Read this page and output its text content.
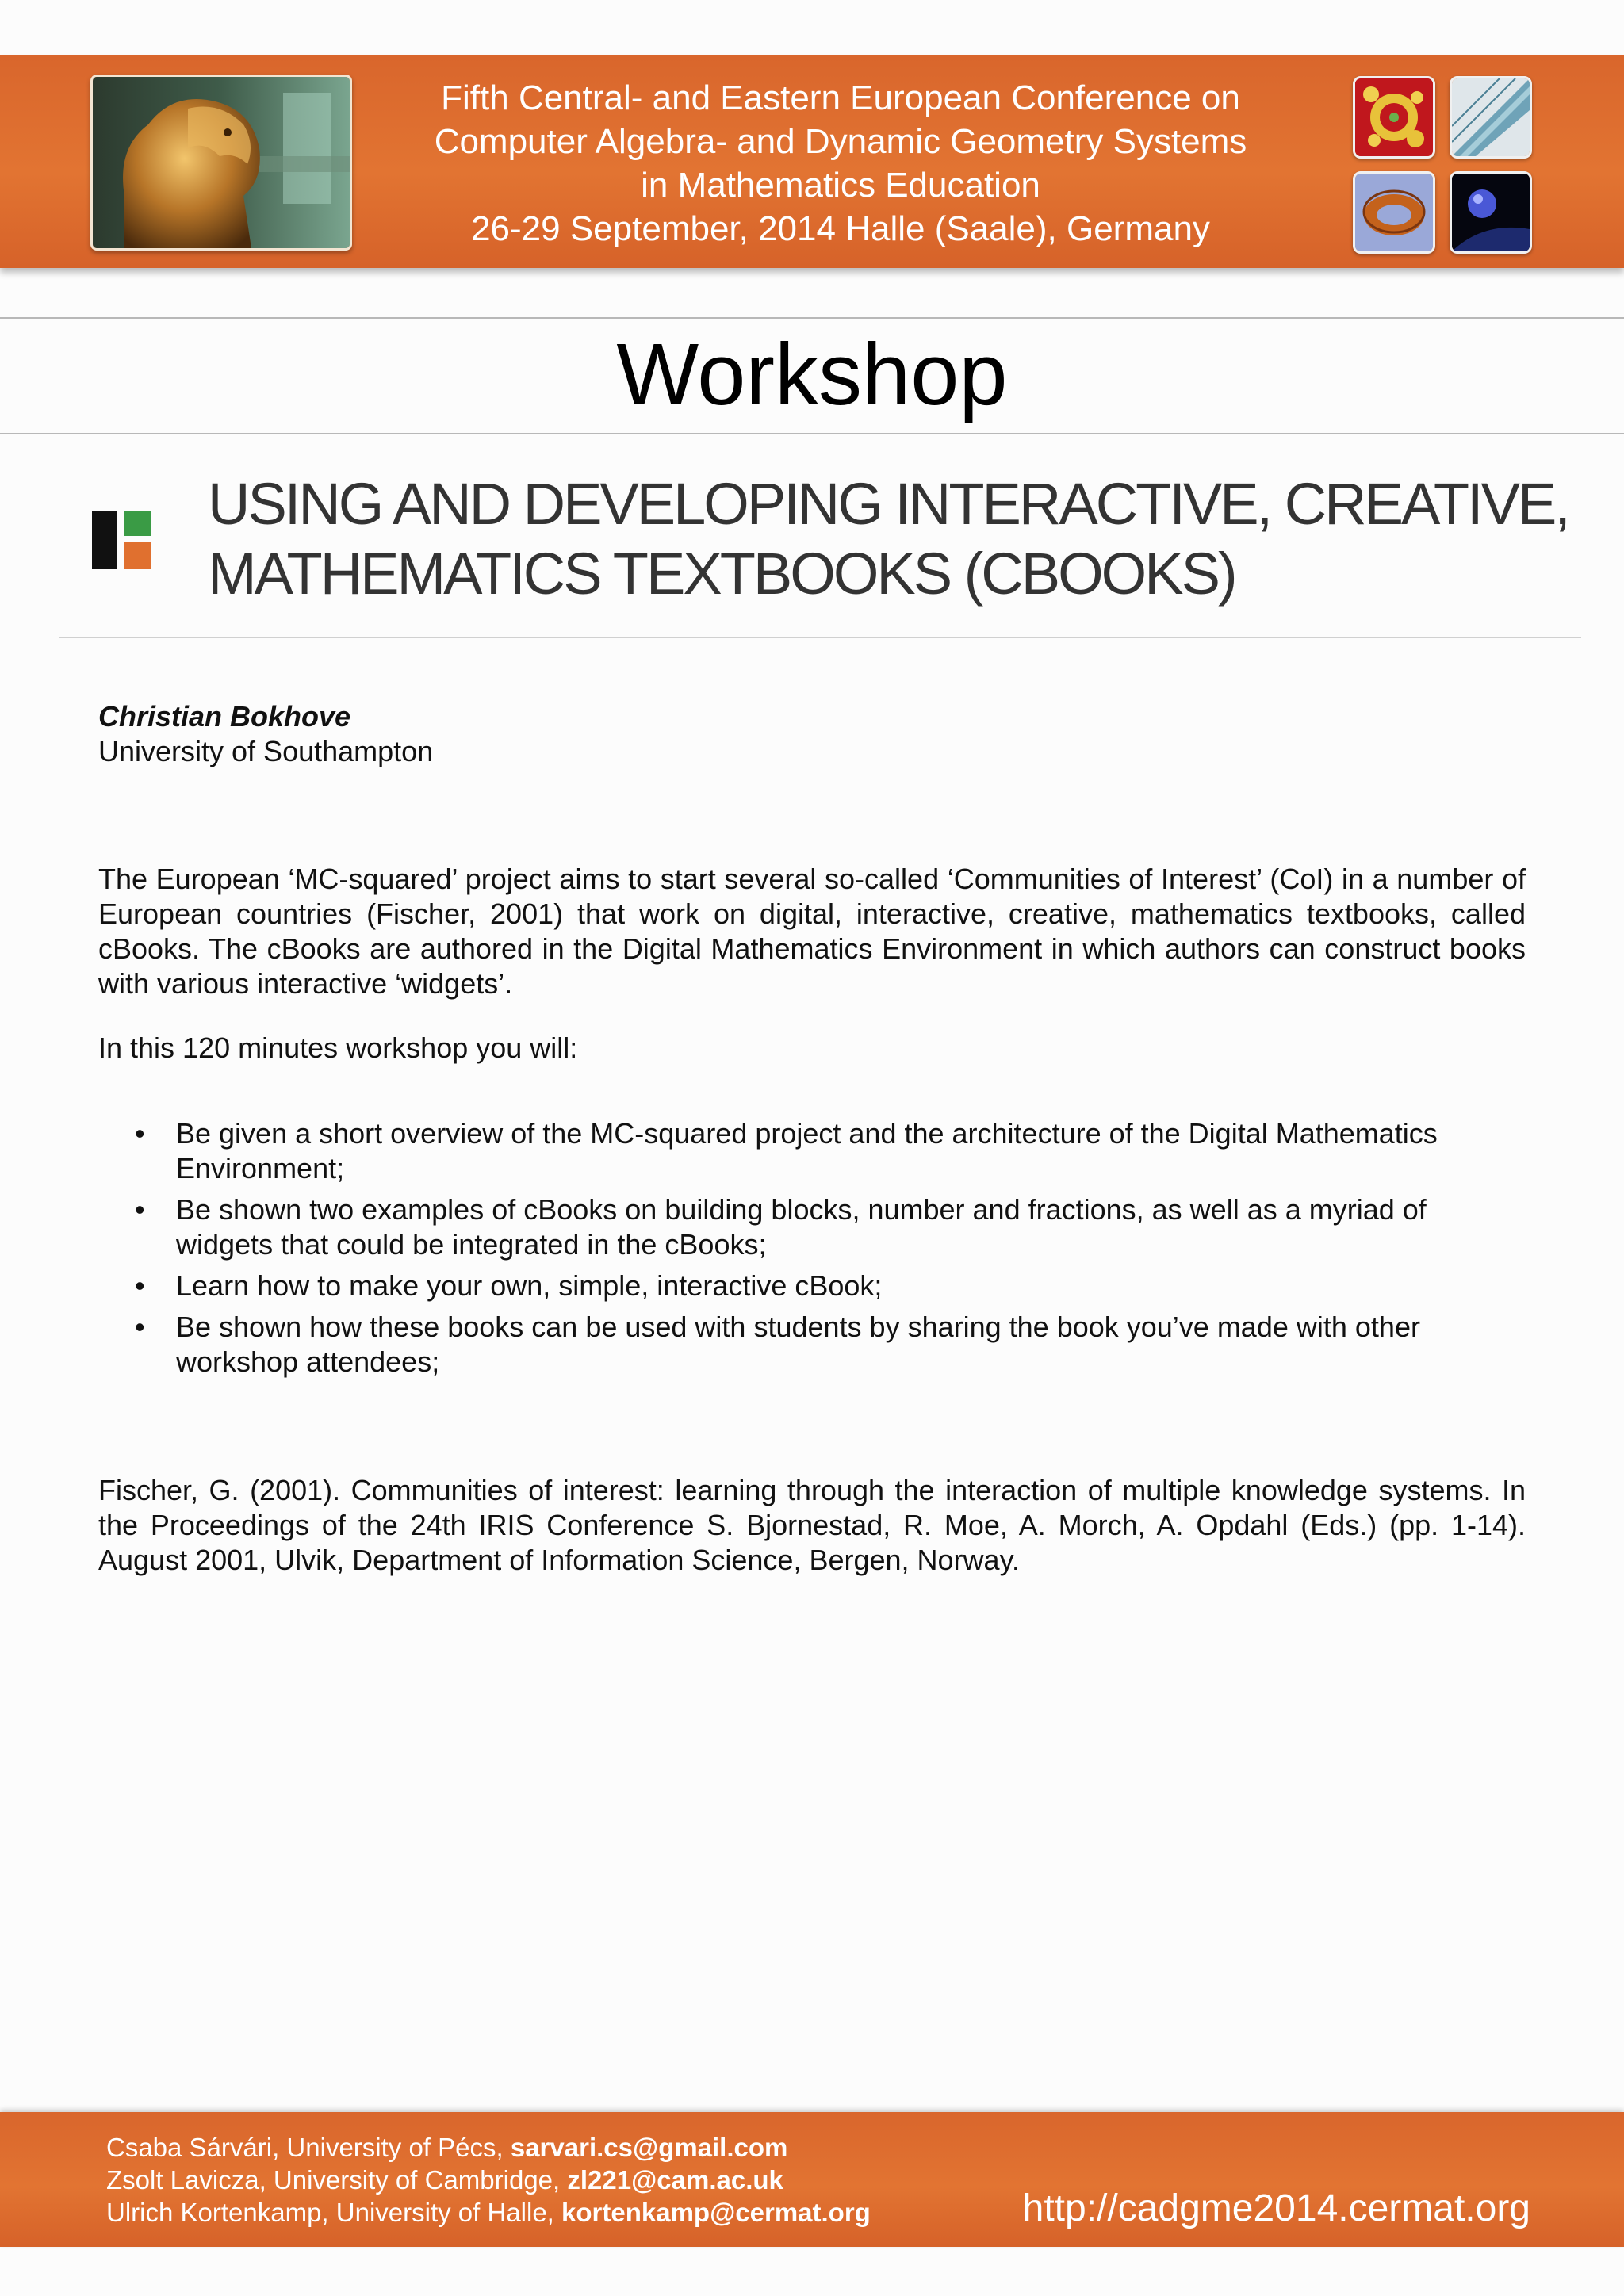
Fifth Central- and Eastern European Conference on
Computer Algebra- and Dynamic Geometry Systems
in Mathematics Education
26-29 September, 2014 Halle (Saale), Germany
Workshop
USING AND DEVELOPING INTERACTIVE, CREATIVE,
MATHEMATICS TEXTBOOKS (CBOOKS)
Christian Bokhove
University of Southampton
The European ‘MC-squared’ project aims to start several so-called ‘Communities of Interest’ (CoI) in a number of European countries (Fischer, 2001) that work on digital, interactive, creative, mathematics textbooks, called cBooks. The cBooks are authored in the Digital Mathematics Environment in which authors can construct books with various interactive ‘widgets’.
In this 120 minutes workshop you will:
• Be given a short overview of the MC-squared project and the architecture of the Digital Mathematics Environment;
• Be shown two examples of cBooks on building blocks, number and fractions, as well as a myriad of widgets that could be integrated in the cBooks;
• Learn how to make your own, simple, interactive cBook;
• Be shown how these books can be used with students by sharing the book you’ve made with other workshop attendees;
Fischer, G. (2001). Communities of interest: learning through the interaction of multiple knowledge systems. In the Proceedings of the 24th IRIS Conference S. Bjornestad, R. Moe, A. Morch, A. Opdahl (Eds.) (pp. 1-14). August 2001, Ulvik, Department of Information Science, Bergen, Norway.
Csaba Sárvári, University of Pécs, sarvari.cs@gmail.com
Zsolt Lavicza, University of Cambridge, zl221@cam.ac.uk
Ulrich Kortenkamp, University of Halle, kortenkamp@cermat.org	http://cadgme2014.cermat.org
